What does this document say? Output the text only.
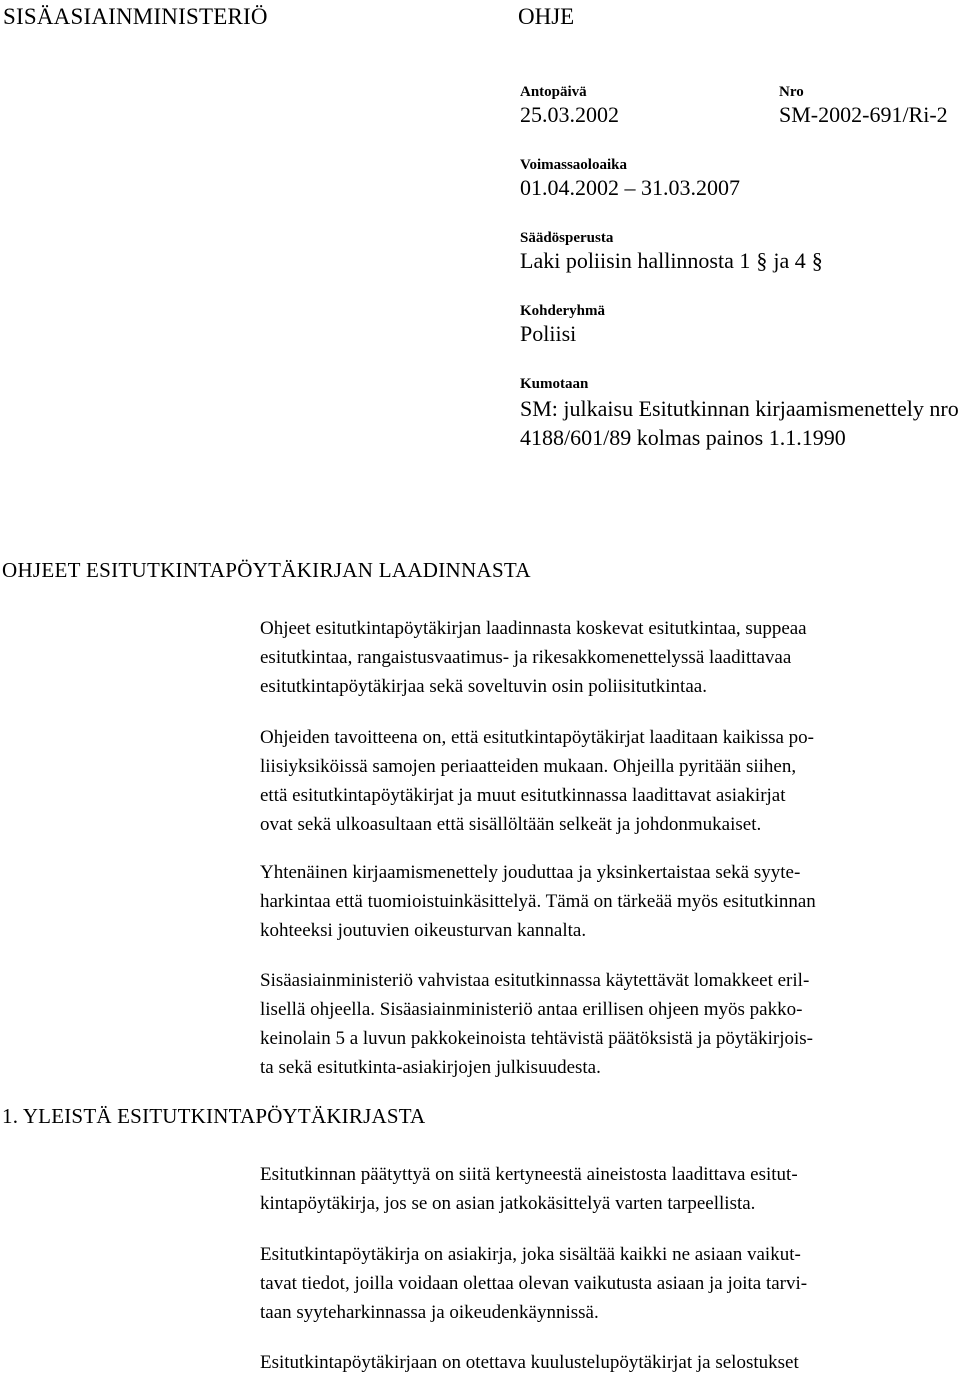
SISÄASIAINMINISTERIÖ	OHJE
Antopäivä
25.03.2002
Nro
SM-2002-691/Ri-2
Voimassaoloaika
01.04.2002 – 31.03.2007
Säädösperusta
Laki poliisin hallinnosta 1 § ja 4 §
Kohderyhmä
Poliisi
Kumotaan
SM: julkaisu Esitutkinnan kirjaamismenettely nro 4188/601/89 kolmas painos 1.1.1990
OHJEET ESITUTKINTAPÖYTÄKIRJAN LAADINNASTA

Ohjeet esitutkintapöytäkirjan laadinnasta koskevat esitutkintaa, suppeaa
esitutkintaa, rangaistusvaatimus- ja rikesakkomenettelyssä laadittavaa
esitutkintapöytäkirjaa sekä soveltuvin osin poliisitutkintaa.

Ohjeiden tavoitteena on, että esitutkintapöytäkirjat laaditaan kaikissa po-
liisiyksiköissä samojen periaatteiden mukaan. Ohjeilla pyritään siihen,
että esitutkintapöytäkirjat ja muut esitutkinnassa laadittavat asiakirjat
ovat sekä ulkoasultaan että sisällöltään selkeät ja johdonmukaiset.

Yhtenäinen kirjaamismenettely jouduttaa ja yksinkertaistaa sekä syyte-
harkintaa että tuomioistuinkäsittelyä. Tämä on tärkeää myös esitutkinnan
kohteeksi joutuvien oikeusturvan kannalta.

Sisäasiainministeriö vahvistaa esitutkinnassa käytettävät lomakkeet eril-
lisellä ohjeella. Sisäasiainministeriö antaa erillisen ohjeen myös pakko-
keinolain 5 a luvun pakkokeinoista tehtävistä päätöksistä ja pöytäkirjois-
ta sekä esitutkinta-asiakirjojen julkisuudesta.

1. YLEISTÄ ESITUTKINTAPÖYTÄKIRJASTA

Esitutkinnan päätyttyä on siitä kertyneestä aineistosta laadittava esitut-
kintapöytäkirja, jos se on asian jatkokäsittelyä varten tarpeellista.

Esitutkintapöytäkirja on asiakirja, joka sisältää kaikki ne asiaan vaikut-
tavat tiedot, joilla voidaan olettaa olevan vaikutusta asiaan ja joita tarvi-
taan syyteharkinnassa ja oikeudenkäynnissä.

Esitutkintapöytäkirjaan on otettava kuulustelupöytäkirjat ja selostukset
